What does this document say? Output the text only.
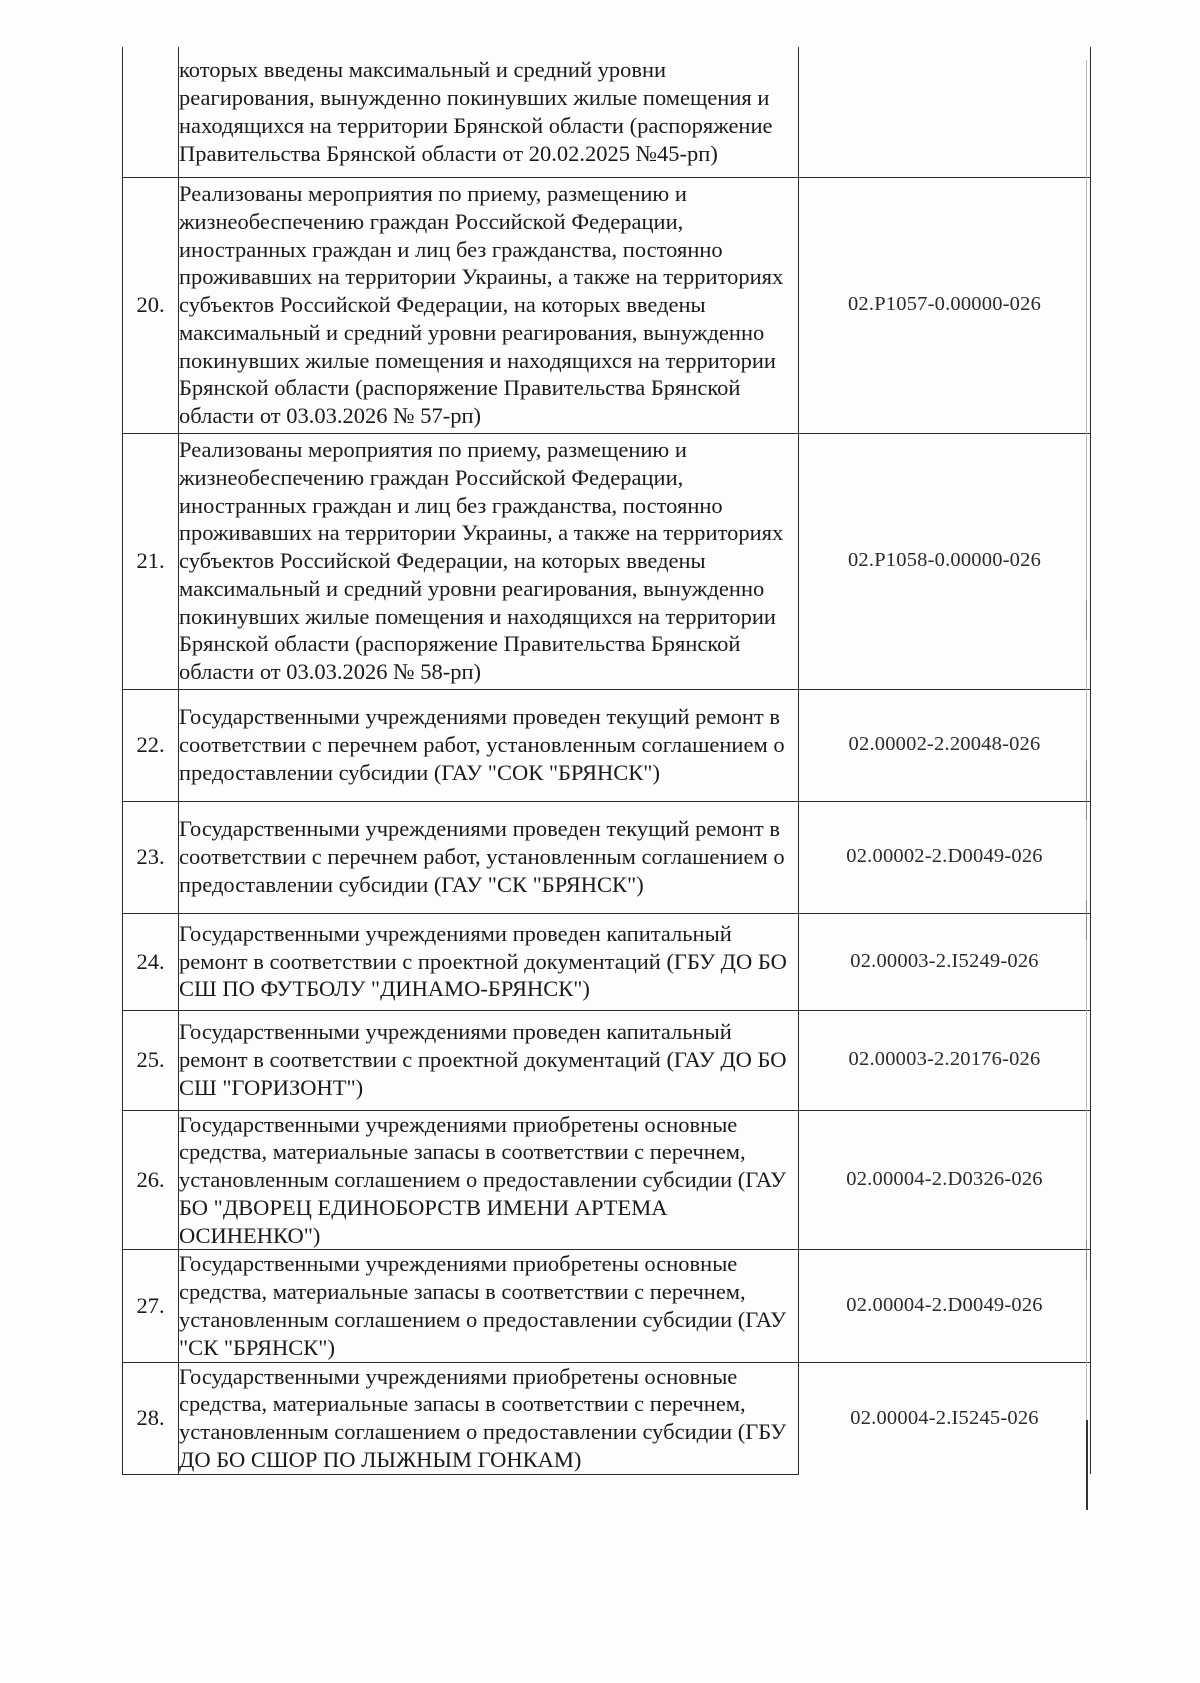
	которых введены максимальный и средний уровни реагирования, вынужденно покинувших жилые помещения и находящихся на территории Брянской области (распоряжение Правительства Брянской области от 20.02.2025 №45-рп)	
20.	Реализованы мероприятия по приему, размещению и жизнеобеспечению граждан Российской Федерации, иностранных граждан и лиц без гражданства, постоянно проживавших на территории Украины, а также на территориях субъектов Российской Федерации, на которых введены максимальный и средний уровни реагирования, вынужденно покинувших жилые помещения и находящихся на территории Брянской области (распоряжение Правительства Брянской области от 03.03.2026 № 57-рп)	02.P1057-0.00000-026
21.	Реализованы мероприятия по приему, размещению и жизнеобеспечению граждан Российской Федерации, иностранных граждан и лиц без гражданства, постоянно проживавших на территории Украины, а также на территориях субъектов Российской Федерации, на которых введены максимальный и средний уровни реагирования, вынужденно покинувших жилые помещения и находящихся на территории Брянской области (распоряжение Правительства Брянской области от 03.03.2026 № 58-рп)	02.P1058-0.00000-026
22.	Государственными учреждениями проведен текущий ремонт в соответствии с перечнем работ, установленным соглашением о предоставлении субсидии (ГАУ "СОК "БРЯНСК")	02.00002-2.20048-026
23.	Государственными учреждениями проведен текущий ремонт в соответствии с перечнем работ, установленным соглашением о предоставлении субсидии (ГАУ "СК "БРЯНСК")	02.00002-2.D0049-026
24.	Государственными учреждениями проведен капитальный ремонт в соответствии с проектной документаций (ГБУ ДО БО СШ ПО ФУТБОЛУ "ДИНАМО-БРЯНСК")	02.00003-2.I5249-026
25.	Государственными учреждениями проведен капитальный ремонт в соответствии с проектной документаций (ГАУ ДО БО СШ "ГОРИЗОНТ")	02.00003-2.20176-026
26.	Государственными учреждениями приобретены основные средства, материальные запасы в соответствии с перечнем, установленным соглашением о предоставлении субсидии (ГАУ БО "ДВОРЕЦ ЕДИНОБОРСТВ ИМЕНИ АРТЕМА ОСИНЕНКО")	02.00004-2.D0326-026
27.	Государственными учреждениями приобретены основные средства, материальные запасы в соответствии с перечнем, установленным соглашением о предоставлении субсидии (ГАУ "СК "БРЯНСК")	02.00004-2.D0049-026
28.	Государственными учреждениями приобретены основные средства, материальные запасы в соответствии с перечнем, установленным соглашением о предоставлении субсидии (ГБУ ДО БО СШОР ПО ЛЫЖНЫМ ГОНКАМ)	02.00004-2.I5245-026
